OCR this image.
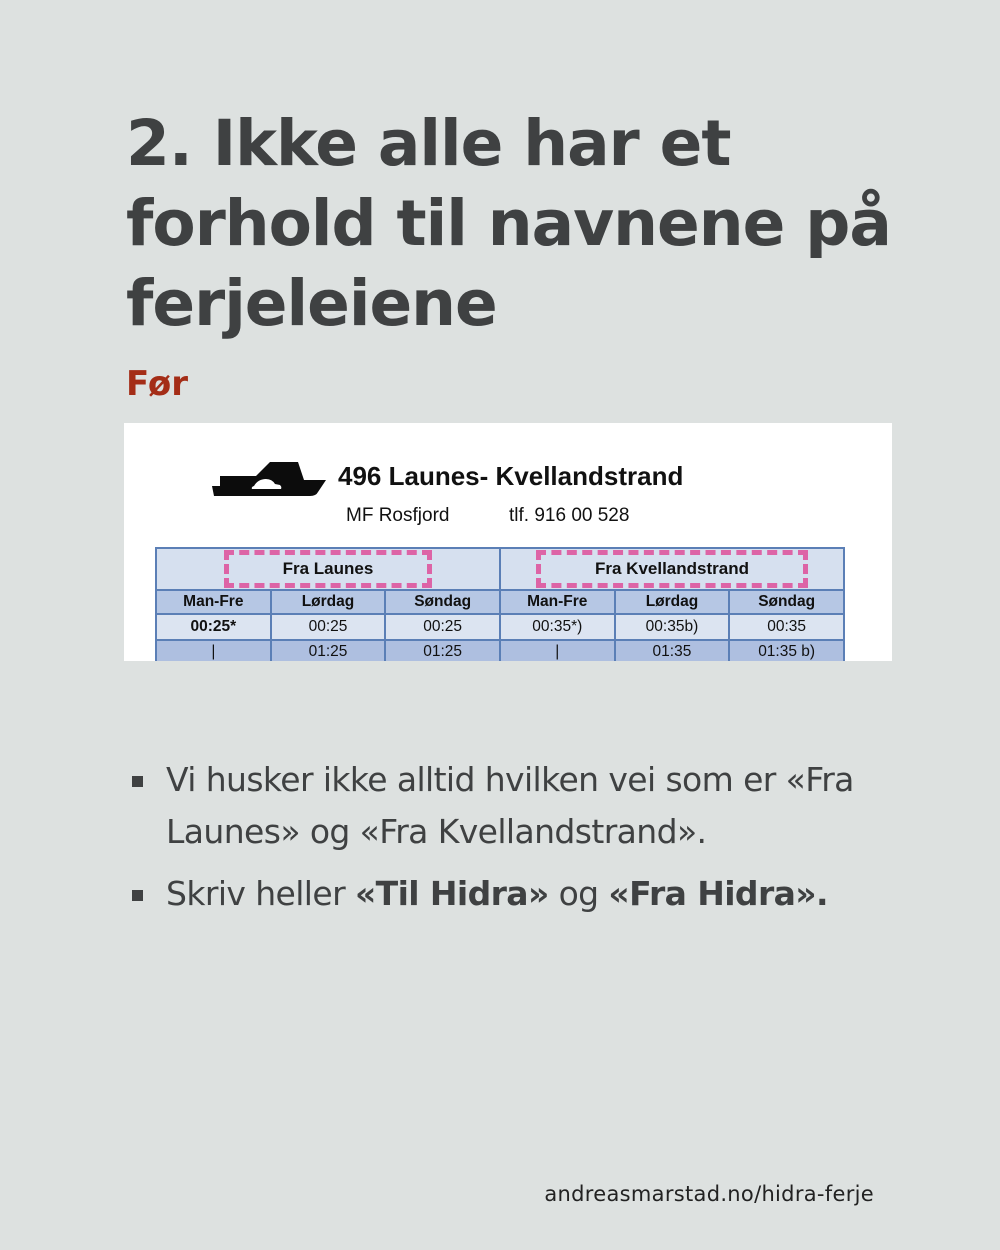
2. Ikke alle har et forhold til navnene på ferjeleiene
Før
496 Launes- Kvellandstrand
MF Rosfjord	tlf. 916 00 528
Fra Launes			Fra Kvellandstrand		
Man-Fre	Lørdag	Søndag	Man-Fre	Lørdag	Søndag
00:25*	00:25	00:25	00:35*)	00:35b)	00:35
|	01:25	01:25	|	01:35	01:35 b)
Vi husker ikke alltid hvilken vei som er «Fra Launes» og «Fra Kvellandstrand».
Skriv heller «Til Hidra» og «Fra Hidra».
andreasmarstad.no/hidra-ferje
